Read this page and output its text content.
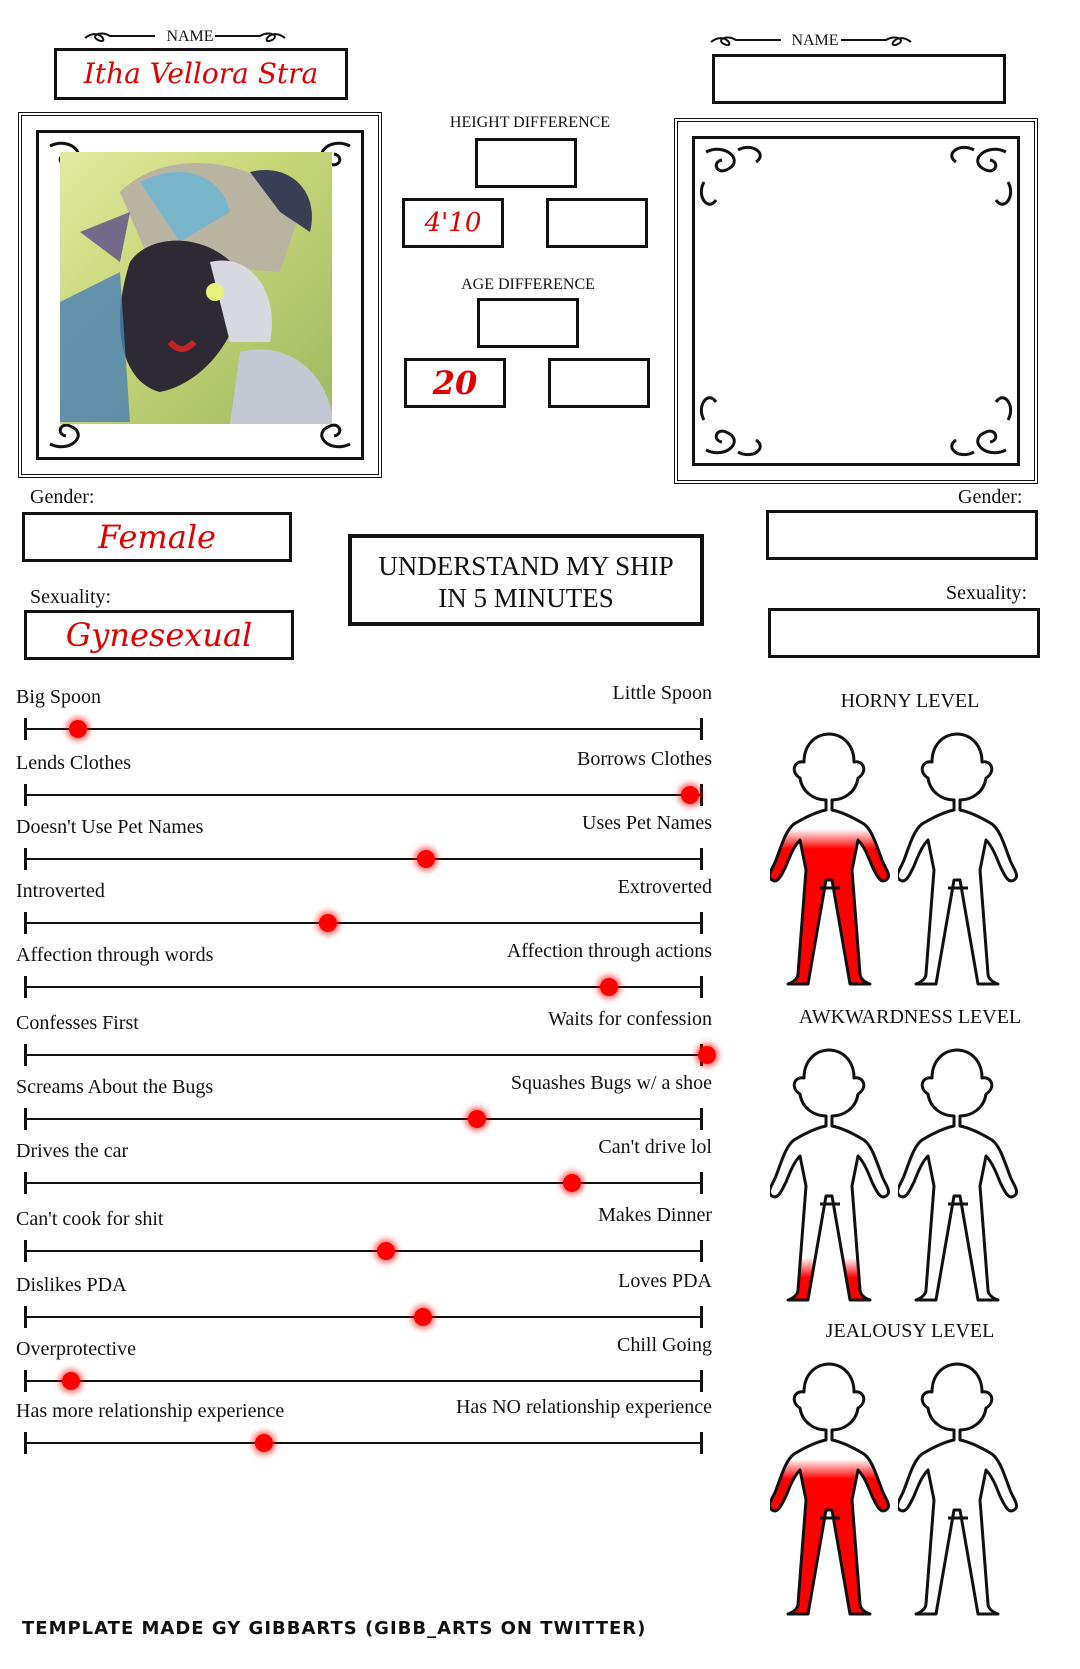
NAME
Itha Vellora Stra
NAME
HEIGHT DIFFERENCE
4'10
AGE DIFFERENCE
20
Gender:
Female
Sexuality:
Gynesexual
Gender:
Sexuality:
UNDERSTAND MY SHIP
IN 5 MINUTES
Big Spoon	Little Spoon
Lends Clothes	Borrows Clothes
Doesn't Use Pet Names	Uses Pet Names
Introverted	Extroverted
Affection through words	Affection through actions
Confesses First	Waits for confession
Screams About the Bugs	Squashes Bugs w/ a shoe
Drives the car	Can't drive lol
Can't cook for shit	Makes Dinner
Dislikes PDA	Loves PDA
Overprotective	Chill Going
Has more relationship experience	Has NO relationship experience
HORNY LEVEL
AWKWARDNESS LEVEL
JEALOUSY LEVEL
TEMPLATE MADE GY GIBBARTS (GIBB_ARTS ON TWITTER)
